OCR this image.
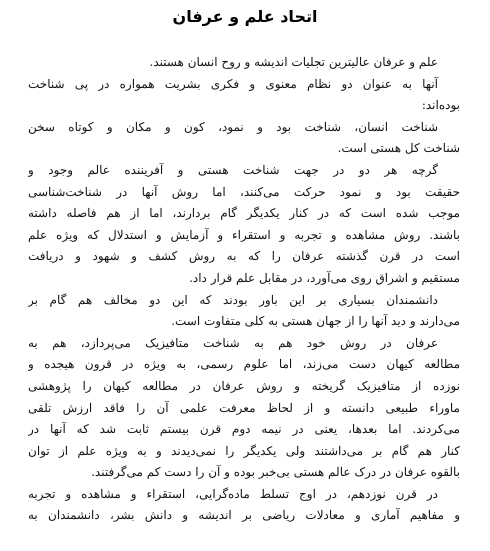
اتحاد علم و عرفان
علم و عرفان عالیترین تجلیات اندیشه و روح انسان هستند.
آنها به عنوان دو نظام معنوی و فکری بشریت همواره در پی شناخت
بوده‌اند:
شناخت انسان، شناخت بود و نمود، کون و مکان و کوتاه سخن
شناخت کل هستی است.
گرچه هر دو در جهت شناخت هستی و آفریننده عالم وجود و
حقیقت بود و نمود حرکت می‌کنند، اما روش آنها در شناخت‌شناسی
موجب شده است که در کنار یکدیگر گام بردارند، اما از هم فاصله داشته
باشند. روش مشاهده و تجربه و استقراء و آزمایش و استدلال که ویژه علم
است در قرن گذشته عرفان را که به روش کشف و شهود و دریافت
مستقیم و اشراق روی می‌آورد، در مقابل علم قرار داد.
دانشمندان بسیاری بر این باور بودند که این دو مخالف هم گام بر
می‌دارند و دید آنها را از جهان هستی به کلی متفاوت است.
عرفان در روش خود هم به شناخت متافیزیک می‌پردازد، هم به
مطالعه کیهان دست می‌زند، اما علوم رسمی، به ویژه در قرون هیجده و
نوزده از متافیزیک گریخته و روش عرفان در مطالعه کیهان را پژوهشی
ماوراء طبیعی دانسته و از لحاظ معرفت علمی آن را فاقد ارزش تلقی
می‌کردند. اما بعدها، یعنی در نیمه دوم قرن بیستم ثابت شد که آنها در
کنار هم گام بر می‌داشتند ولی یکدیگر را نمی‌دیدند و به ویژه علم از توان
بالقوه عرفان در درک عالم هستی بی‌خبر بوده و آن را دست کم می‌گرفتند.
در قرن نوزدهم، در اوج تسلط ماده‌گرایی، استقراء و مشاهده و تجربه
و مفاهیم آماری و معادلات ریاضی بر اندیشه و دانش بشر، دانشمندان به
